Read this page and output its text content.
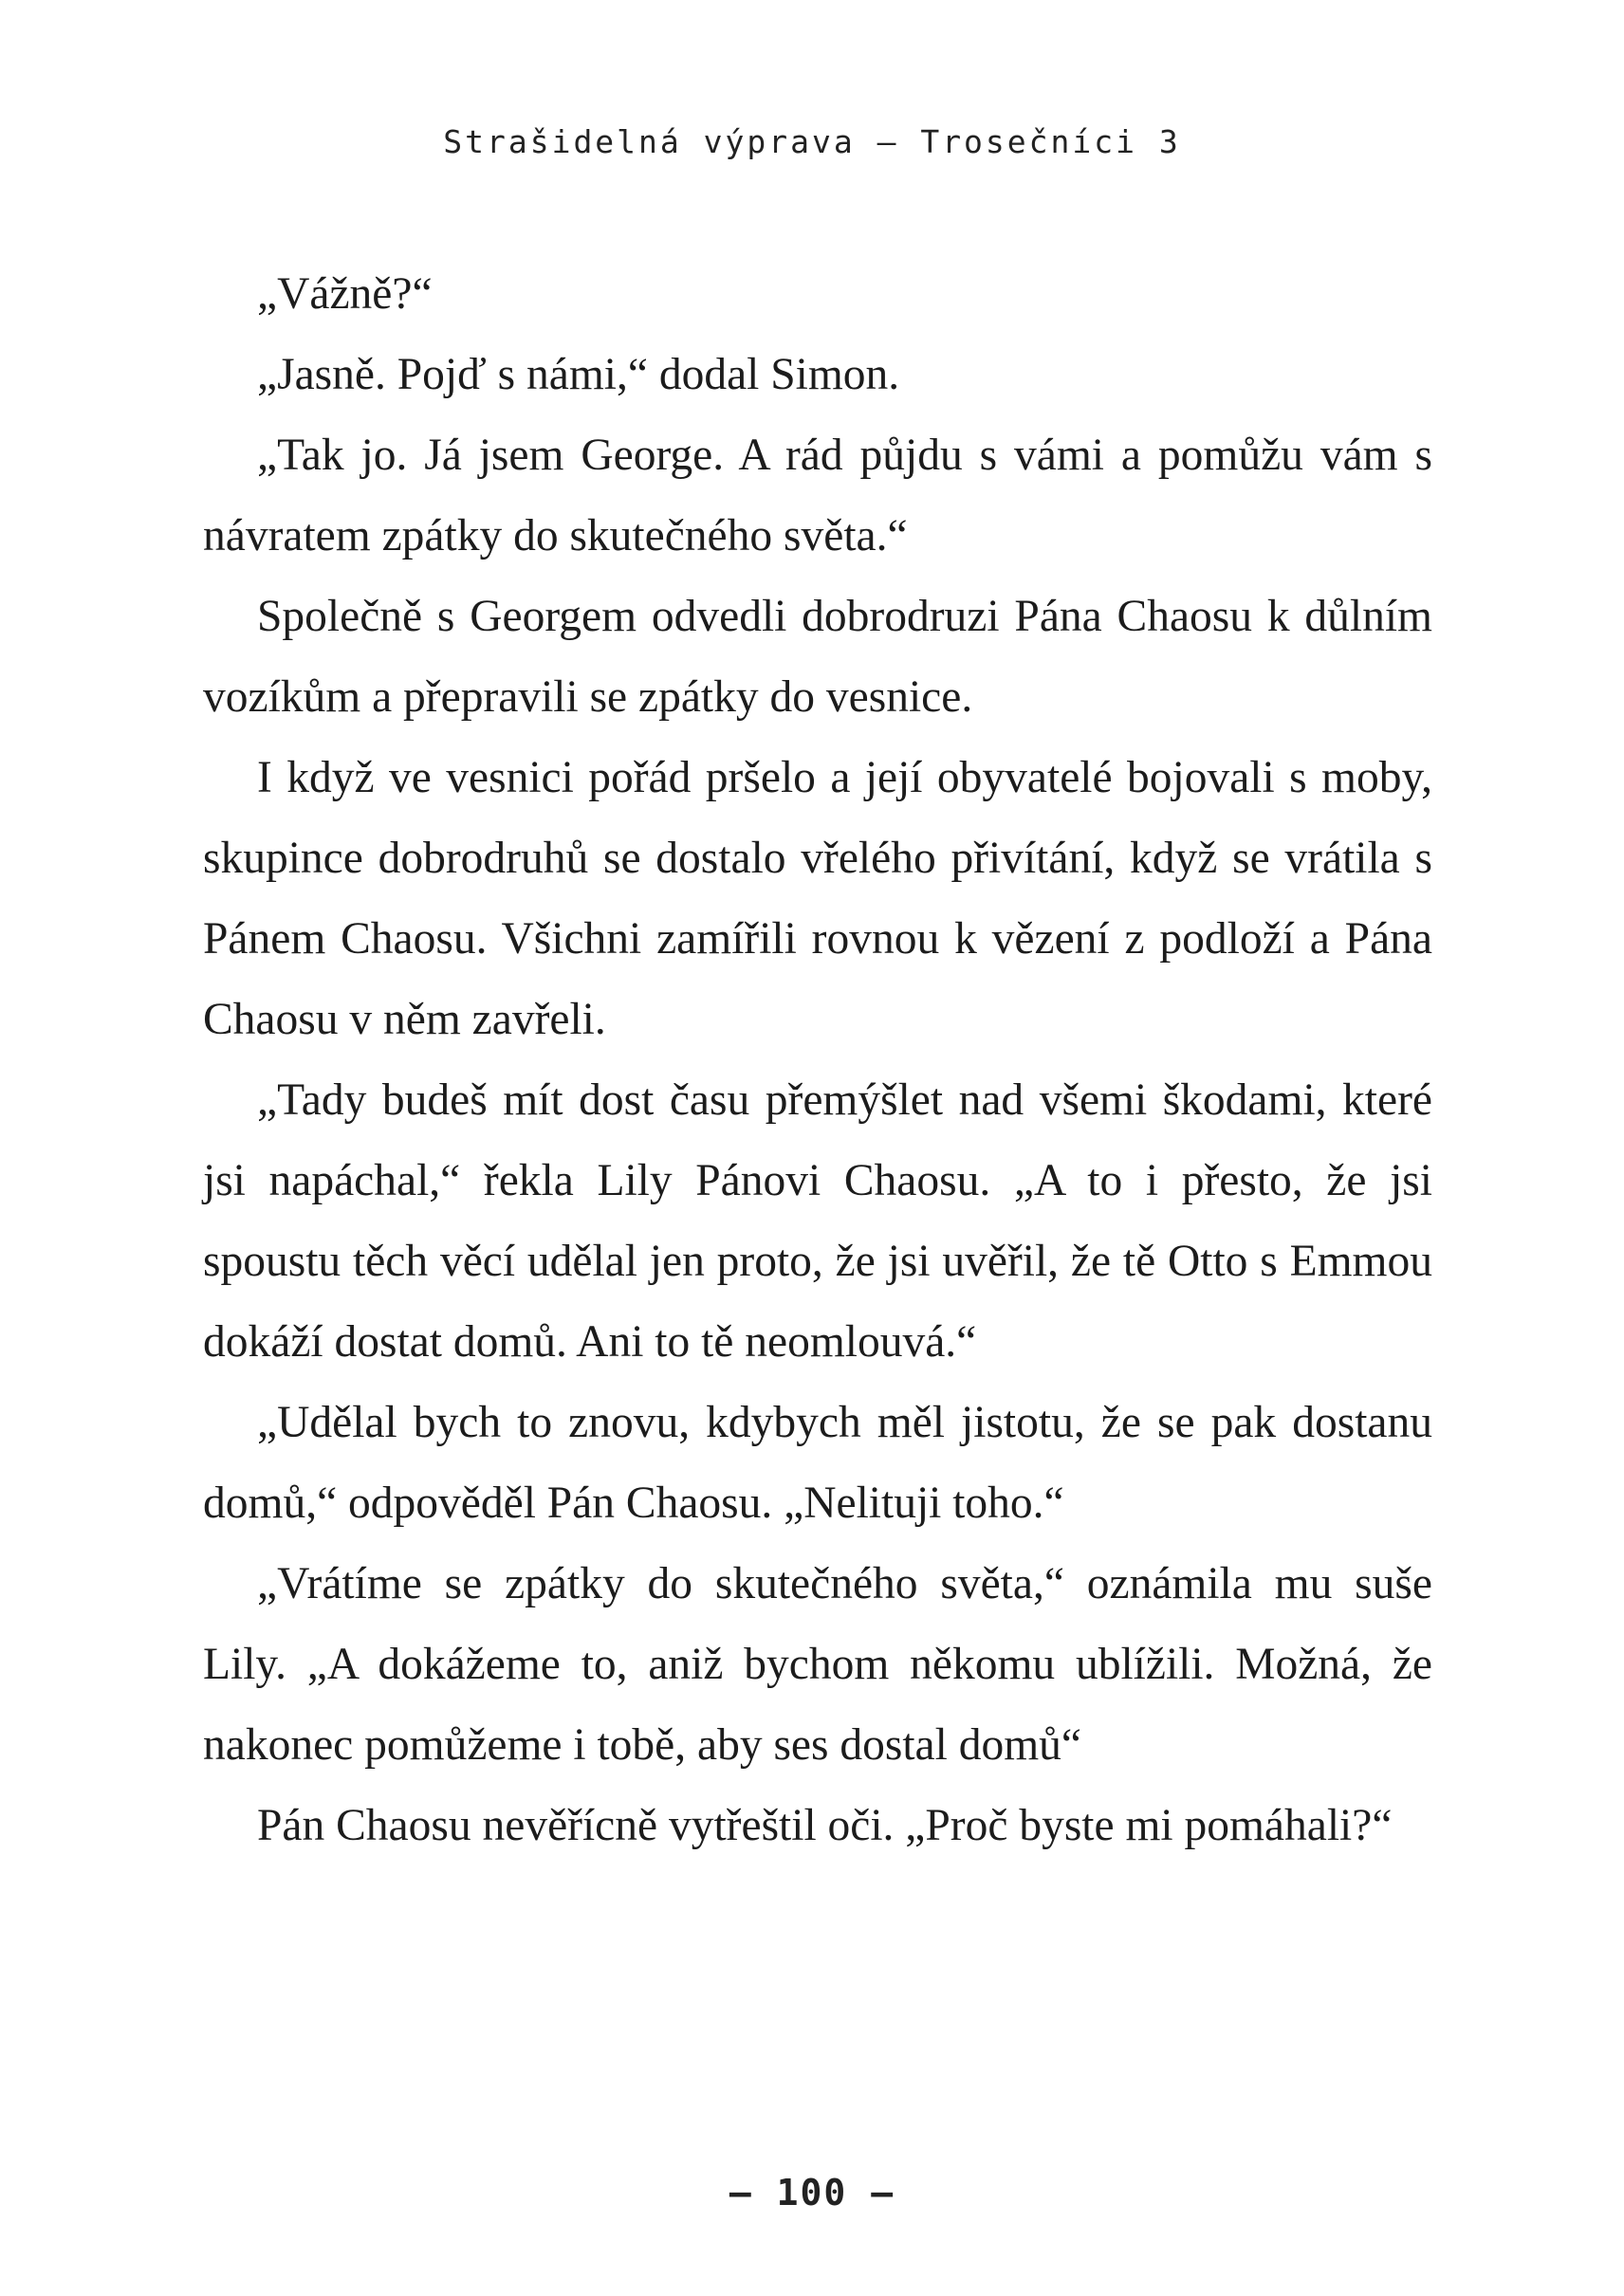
Strašidelná výprava – Trosečníci 3

„Vážně?“

„Jasně. Pojď s námi,“ dodal Simon.

„Tak jo. Já jsem George. A rád půjdu s vámi a pomůžu vám s návratem zpátky do skutečného světa.“

Společně s Georgem odvedli dobrodruzi Pána Chaosu k důlním vozíkům a přepravili se zpátky do vesnice.

I když ve vesnici pořád pršelo a její obyvatelé bojovali s moby, skupince dobrodruhů se dostalo vřelého přivítání, když se vrátila s Pánem Chaosu. Všichni zamířili rovnou k vězení z podloží a Pána Chaosu v něm zavřeli.

„Tady budeš mít dost času přemýšlet nad všemi škodami, které jsi napáchal,“ řekla Lily Pánovi Chaosu. „A to i přesto, že jsi spoustu těch věcí udělal jen proto, že jsi uvěřil, že tě Otto s Emmou dokáží dostat domů. Ani to tě neomlouvá.“

„Udělal bych to znovu, kdybych měl jistotu, že se pak dostanu domů,“ odpověděl Pán Chaosu. „Nelituji toho.“

„Vrátíme se zpátky do skutečného světa,“ oznámila mu suše Lily. „A dokážeme to, aniž bychom někomu ublížili. Možná, že nakonec pomůžeme i tobě, aby ses dostal domů“

Pán Chaosu nevěřícně vytřeštil oči. „Proč byste mi pomáhali?“

– 100 –
